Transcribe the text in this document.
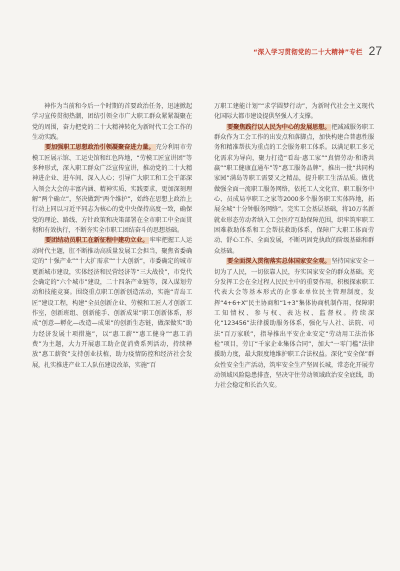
“深入学习贯彻党的二十大精神”专栏 27

神作为当前和今后一个时期的首要政治任务，迅速掀起学习宣传贯彻热潮，团结引领全市广大职工群众紧紧凝聚在党的周围，奋力把党的二十大精神转化为新时代工会工作的生动实践。

要加强职工思想政治引领凝聚奋进力量。充分利用市劳模工匠展示馆、工运史馆和红色阵地，“劳模工匠宣讲团”等多种形式，深入职工群众广泛宣传宣讲，推动党的二十大精神进企业、进车间、深入人心；引导广大职工和工会干部深入领会大会的丰富内涵、精神实质、实践要求，更加深刻理解“两个确立”，坚决做到“两个维护”，始终在思想上政治上行动上同以习近平同志为核心的党中央保持高度一致，确保党的理论、路线、方针政策和决策部署在全市职工中全面贯彻和有效执行，不断夯实全市职工团结奋斗的思想基础。

要团结动员职工在新征程中建功立业。牢牢把握工人运动时代主题，肛不断推动高质量发展工会担当，聚焦省委确定的“十强产业”“十大扩需求”“十大创新”，市委确定的城市更新城市建设，实体经济和民营经济等“三大战役”，市党代会确定的“六个城市”建设，二十四条产业链等，深入谋划劳动和技能竞赛。围绕重点职工创新创造活动，实施“青岛工匠”建设工程，构建“全员创新企业、劳模和工匠人才创新工作室，创新班组、创新能手、创新成果”职工创新体系，形成“创意—孵化—改造—成果”的创新生态链，做深做实“助力经济发展十项措施”，以“惠工薪”“惠工健身”“惠工消费”为主题，大力开展惠工助企促消费系列活动，持续释放“惠工薪资”支持创业扶植，助力疫情防控和经济社会发展，扎实推进产业工人队伍建设改革，实施“百

万职工建能计划”“求学圆梦行动”，为新时代社会主义现代化国际大都市建设提供坚强人才支撑。

要聚焦践行以人民为中心的发展思想。把减减服务职工群众作为工会工作的出发点和落脚点，加快构建合普惠性服务和精准帮扶为重点的工会服务职工体系。以满足职工多元化需求为导向，聚力打造“看岛·惠工家”“真情劳动·和谐共赢”“职工健康直通车”等“惠工服务品牌”，推出一批“共同构家园”满岛等职工需要又之精品，提升职工生活品质。做优做强全面一流职工服务网络，依托工人文化宫、职工服务中心、员成局享职工之家等2000多个服务职工实体阵地，拓展全城“十分钟服务网络”。完实工会基层基础，将10万名新就业形态劳动者纳入工会医疗互助保障范围，织牢筑牢职工困难救助体系和工会帮扶救助体系，保障广大职工体面劳动、舒心工作、全面发展，不断巩固党执政的阶级基础和群众基础。

要全面深入贯彻落实总体国家安全观。坚持国家安全一切为了人民，一切依靠人民，夯实国家安全的群众基础。充分发挥工会在全过程人民民主中的重要作用，积极探索职工代表大会等基本形式的企事业单位民主管理制度，发挥“4+6+X”民主协商和“1+3”集体协商机制作用，保障职工知情权、参与权、表达权、监督权。持续深化“123456”法律援助服务体系，强化与人社、法院、司法“百万家联”，指导推出平安企业安定“劳动用工法治体检”项目，劳订“千家企业集体合同”，加大“一零门槛”法律援助力度，最大限度地维护职工合法权益。深化“安全保”群众性安全生产活动，筑牢安全生产坚固长城，常态化开展劳动领域风险隐患排查，坚决守住劳动领域政治安全底线，助力社会稳定和长治久安。
